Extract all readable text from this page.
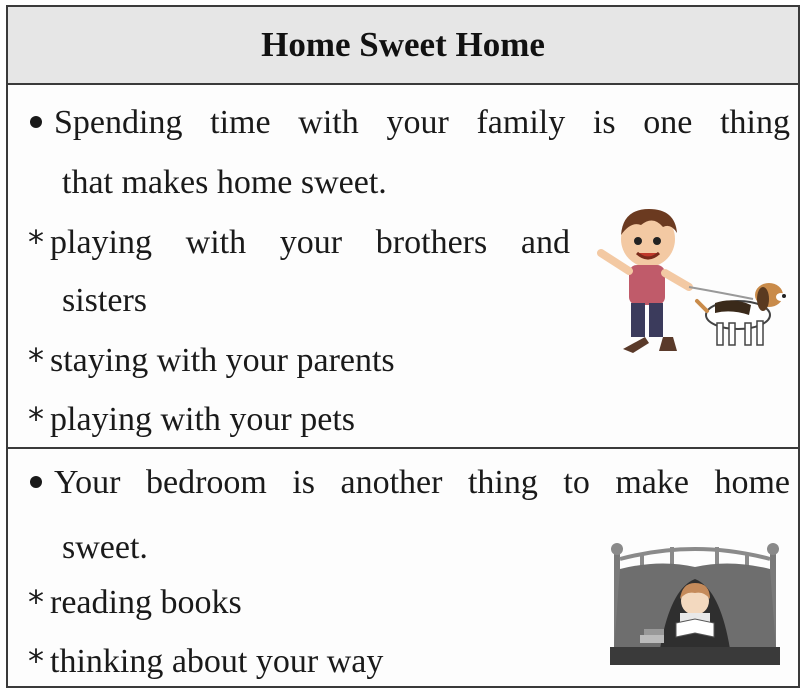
Home Sweet Home
Spending time with your family is one thing
that makes home sweet.
* playing with your brothers and
sisters
* staying with your parents
* playing with your pets
Your bedroom is another thing to make home
sweet.
* reading books
* thinking about your way
